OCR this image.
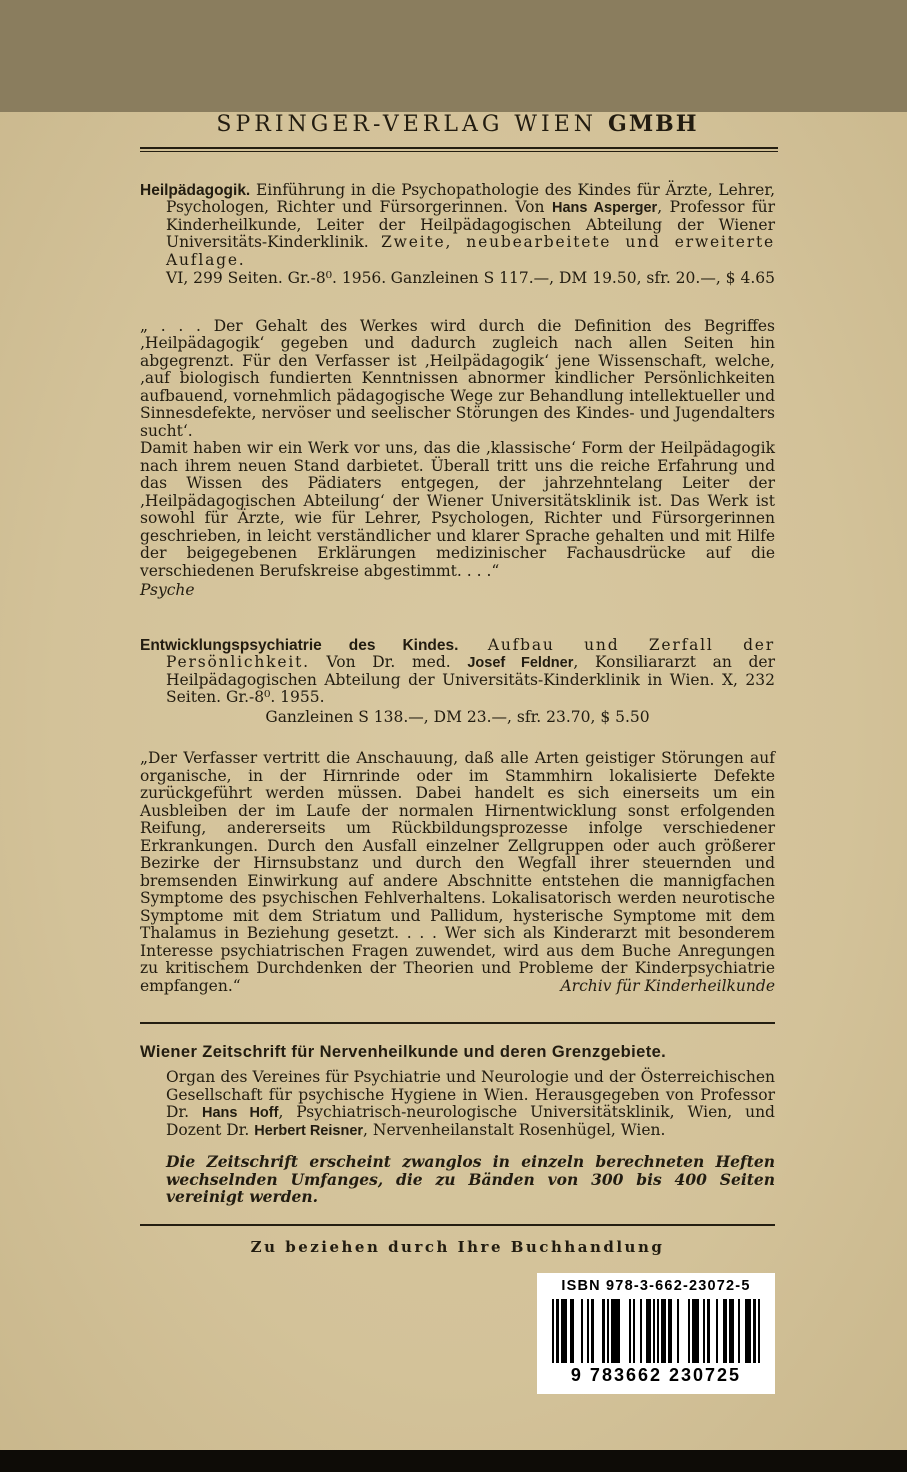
SPRINGER-VERLAG WIEN GMBH

Heilpädagogik. Einführung in die Psychopathologie des Kindes für Ärzte, Lehrer, Psychologen, Richter und Fürsorgerinnen. Von Hans Asperger, Professor für Kinderheilkunde, Leiter der Heilpädagogischen Abteilung der Wiener Universitäts-Kinderklinik. Zweite, neubearbeitete und erweiterte Auflage.

VI, 299 Seiten. Gr.-8⁰. 1956. Ganzleinen S 117.—, DM 19.50, sfr. 20.—, $ 4.65

„ . . . Der Gehalt des Werkes wird durch die Definition des Begriffes ‚Heilpädagogik‘ gegeben und dadurch zugleich nach allen Seiten hin abgegrenzt. Für den Verfasser ist ‚Heilpädagogik‘ jene Wissenschaft, welche, ‚auf biologisch fundierten Kenntnissen abnormer kindlicher Persönlichkeiten aufbauend, vornehmlich pädagogische Wege zur Behandlung intellektueller und Sinnesdefekte, nervöser und seelischer Störungen des Kindes- und Jugendalters sucht‘.

Damit haben wir ein Werk vor uns, das die ‚klassische‘ Form der Heilpädagogik nach ihrem neuen Stand darbietet. Überall tritt uns die reiche Erfahrung und das Wissen des Pädiaters entgegen, der jahrzehntelang Leiter der ‚Heilpädagogischen Abteilung‘ der Wiener Universitätsklinik ist. Das Werk ist sowohl für Ärzte, wie für Lehrer, Psychologen, Richter und Fürsorgerinnen geschrieben, in leicht verständlicher und klarer Sprache gehalten und mit Hilfe der beigegebenen Erklärungen medizinischer Fachausdrücke auf die verschiedenen Berufskreise abgestimmt. . . .“

Psyche

Entwicklungspsychiatrie des Kindes. Aufbau und Zerfall der Persönlichkeit. Von Dr. med. Josef Feldner, Konsiliararzt an der Heilpädagogischen Abteilung der Universitäts-Kinderklinik in Wien. X, 232 Seiten. Gr.-8⁰. 1955.

Ganzleinen S 138.—, DM 23.—, sfr. 23.70, $ 5.50

„Der Verfasser vertritt die Anschauung, daß alle Arten geistiger Störungen auf organische, in der Hirnrinde oder im Stammhirn lokalisierte Defekte zurückgeführt werden müssen. Dabei handelt es sich einerseits um ein Ausbleiben der im Laufe der normalen Hirnentwicklung sonst erfolgenden Reifung, andererseits um Rückbildungsprozesse infolge verschiedener Erkrankungen. Durch den Ausfall einzelner Zellgruppen oder auch größerer Bezirke der Hirnsubstanz und durch den Wegfall ihrer steuernden und bremsenden Einwirkung auf andere Abschnitte entstehen die mannigfachen Symptome des psychischen Fehlverhaltens. Lokalisatorisch werden neurotische Symptome mit dem Striatum und Pallidum, hysterische Symptome mit dem Thalamus in Beziehung gesetzt. . . . Wer sich als Kinderarzt mit besonderem Interesse psychiatrischen Fragen zuwendet, wird aus dem Buche Anregungen zu kritischem Durchdenken der Theorien und Probleme der Kinderpsychiatrie empfangen.“	Archiv für Kinderheilkunde

Wiener Zeitschrift für Nervenheilkunde und deren Grenzgebiete.

Organ des Vereines für Psychiatrie und Neurologie und der Österreichischen Gesellschaft für psychische Hygiene in Wien. Herausgegeben von Professor Dr. Hans Hoff, Psychiatrisch-neurologische Universitätsklinik, Wien, und Dozent Dr. Herbert Reisner, Nervenheilanstalt Rosenhügel, Wien.

Die Zeitschrift erscheint zwanglos in einzeln berechneten Heften wechselnden Umfanges, die zu Bänden von 300 bis 400 Seiten vereinigt werden.

Zu beziehen durch Ihre Buchhandlung

ISBN 978-3-662-23072-5
9 783662 230725
